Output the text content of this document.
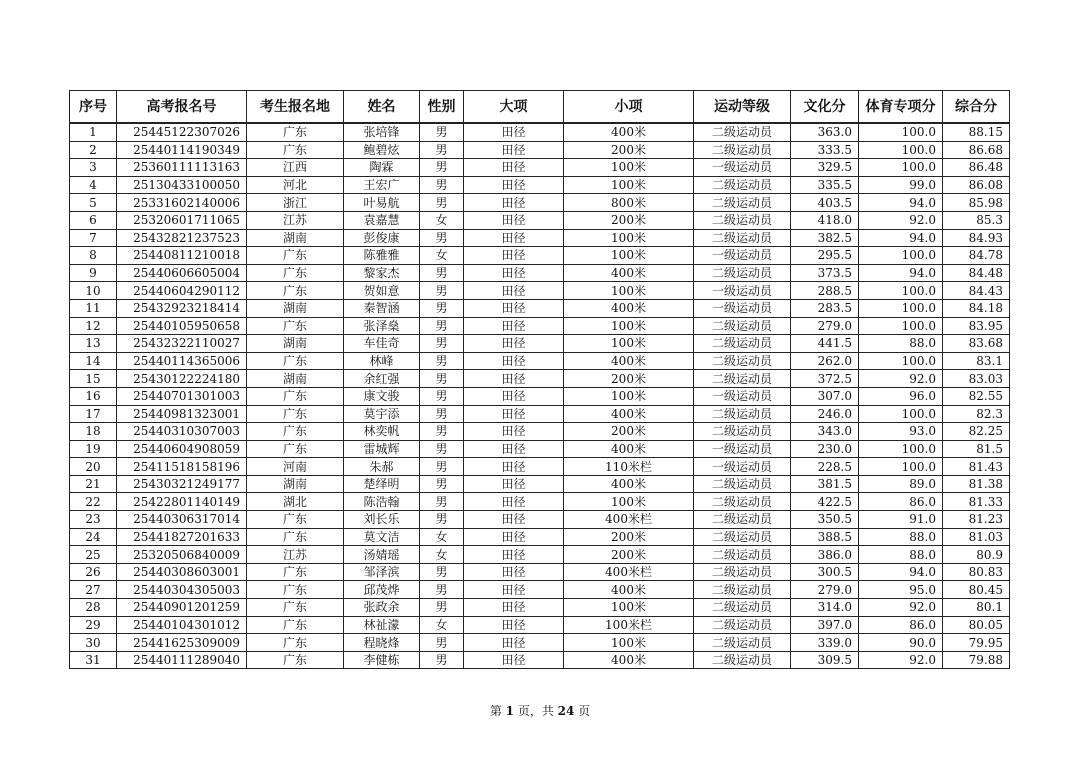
序号	高考报名号	考生报名地	姓名	性别	大项	小项	运动等级	文化分	体育专项分	综合分
1	25445122307026	广东	张培锋	男	田径	400米	二级运动员	363.0	100.0	88.15
2	25440114190349	广东	鲍碧炫	男	田径	200米	二级运动员	333.5	100.0	86.68
3	25360111113163	江西	陶霖	男	田径	100米	一级运动员	329.5	100.0	86.48
4	25130433100050	河北	王宏广	男	田径	100米	二级运动员	335.5	99.0	86.08
5	25331602140006	浙江	叶易航	男	田径	800米	二级运动员	403.5	94.0	85.98
6	25320601711065	江苏	袁嘉慧	女	田径	200米	二级运动员	418.0	92.0	85.3
7	25432821237523	湖南	彭俊康	男	田径	100米	二级运动员	382.5	94.0	84.93
8	25440811210018	广东	陈雅雅	女	田径	100米	一级运动员	295.5	100.0	84.78
9	25440606605004	广东	黎家杰	男	田径	400米	二级运动员	373.5	94.0	84.48
10	25440604290112	广东	贺如意	男	田径	100米	一级运动员	288.5	100.0	84.43
11	25432923218414	湖南	秦智涵	男	田径	400米	一级运动员	283.5	100.0	84.18
12	25440105950658	广东	张泽燊	男	田径	100米	二级运动员	279.0	100.0	83.95
13	25432322110027	湖南	车佳奇	男	田径	100米	二级运动员	441.5	88.0	83.68
14	25440114365006	广东	林峰	男	田径	400米	二级运动员	262.0	100.0	83.1
15	25430122224180	湖南	余红强	男	田径	200米	二级运动员	372.5	92.0	83.03
16	25440701301003	广东	康文骏	男	田径	100米	一级运动员	307.0	96.0	82.55
17	25440981323001	广东	莫宇添	男	田径	400米	二级运动员	246.0	100.0	82.3
18	25440310307003	广东	林奕帆	男	田径	200米	二级运动员	343.0	93.0	82.25
19	25440604908059	广东	雷城辉	男	田径	400米	一级运动员	230.0	100.0	81.5
20	25411518158196	河南	朱郝	男	田径	110米栏	一级运动员	228.5	100.0	81.43
21	25430321249177	湖南	楚绎明	男	田径	400米	二级运动员	381.5	89.0	81.38
22	25422801140149	湖北	陈浩翰	男	田径	100米	二级运动员	422.5	86.0	81.33
23	25440306317014	广东	刘长乐	男	田径	400米栏	二级运动员	350.5	91.0	81.23
24	25441827201633	广东	莫文洁	女	田径	200米	二级运动员	388.5	88.0	81.03
25	25320506840009	江苏	汤婧瑶	女	田径	200米	二级运动员	386.0	88.0	80.9
26	25440308603001	广东	邹泽滨	男	田径	400米栏	二级运动员	300.5	94.0	80.83
27	25440304305003	广东	邱茂烨	男	田径	400米	二级运动员	279.0	95.0	80.45
28	25440901201259	广东	张政余	男	田径	100米	二级运动员	314.0	92.0	80.1
29	25440104301012	广东	林祉濛	女	田径	100米栏	二级运动员	397.0	86.0	80.05
30	25441625309009	广东	程晓烽	男	田径	100米	二级运动员	339.0	90.0	79.95
31	25440111289040	广东	李健栋	男	田径	400米	二级运动员	309.5	92.0	79.88
第 1 页，共 24 页
